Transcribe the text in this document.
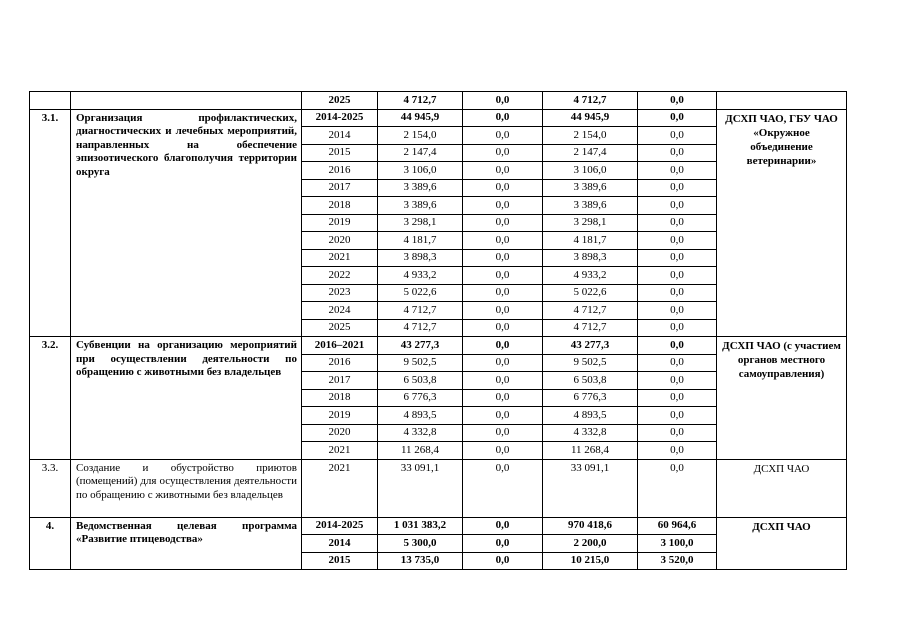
		2025	4 712,7	0,0	4 712,7	0,0	
3.1.	Организация профилактических, диагностических и лечебных мероприятий, направленных на обеспечение эпизоотического благополучия территории округа	2014-2025	44 945,9	0,0	44 945,9	0,0	ДСХП ЧАО, ГБУ ЧАО «Окружное объединение ветеринарии»
		2014	2 154,0	0,0	2 154,0	0,0	
		2015	2 147,4	0,0	2 147,4	0,0	
		2016	3 106,0	0,0	3 106,0	0,0	
		2017	3 389,6	0,0	3 389,6	0,0	
		2018	3 389,6	0,0	3 389,6	0,0	
		2019	3 298,1	0,0	3 298,1	0,0	
		2020	4 181,7	0,0	4 181,7	0,0	
		2021	3 898,3	0,0	3 898,3	0,0	
		2022	4 933,2	0,0	4 933,2	0,0	
		2023	5 022,6	0,0	5 022,6	0,0	
		2024	4 712,7	0,0	4 712,7	0,0	
		2025	4 712,7	0,0	4 712,7	0,0	
3.2.	Субвенции на организацию мероприятий при осуществлении деятельности по обращению с животными без владельцев	2016–2021	43 277,3	0,0	43 277,3	0,0	ДСХП ЧАО (с участием органов местного самоуправления)
		2016	9 502,5	0,0	9 502,5	0,0	
		2017	6 503,8	0,0	6 503,8	0,0	
		2018	6 776,3	0,0	6 776,3	0,0	
		2019	4 893,5	0,0	4 893,5	0,0	
		2020	4 332,8	0,0	4 332,8	0,0	
		2021	11 268,4	0,0	11 268,4	0,0	
3.3.	Создание и обустройство приютов (помещений) для осуществления деятельности по обращению с животными без владельцев	2021	33 091,1	0,0	33 091,1	0,0	ДСХП ЧАО
4.	Ведомственная целевая программа «Развитие птицеводства»	2014-2025	1 031 383,2	0,0	970 418,6	60 964,6	ДСХП ЧАО
		2014	5 300,0	0,0	2 200,0	3 100,0	
		2015	13 735,0	0,0	10 215,0	3 520,0	
